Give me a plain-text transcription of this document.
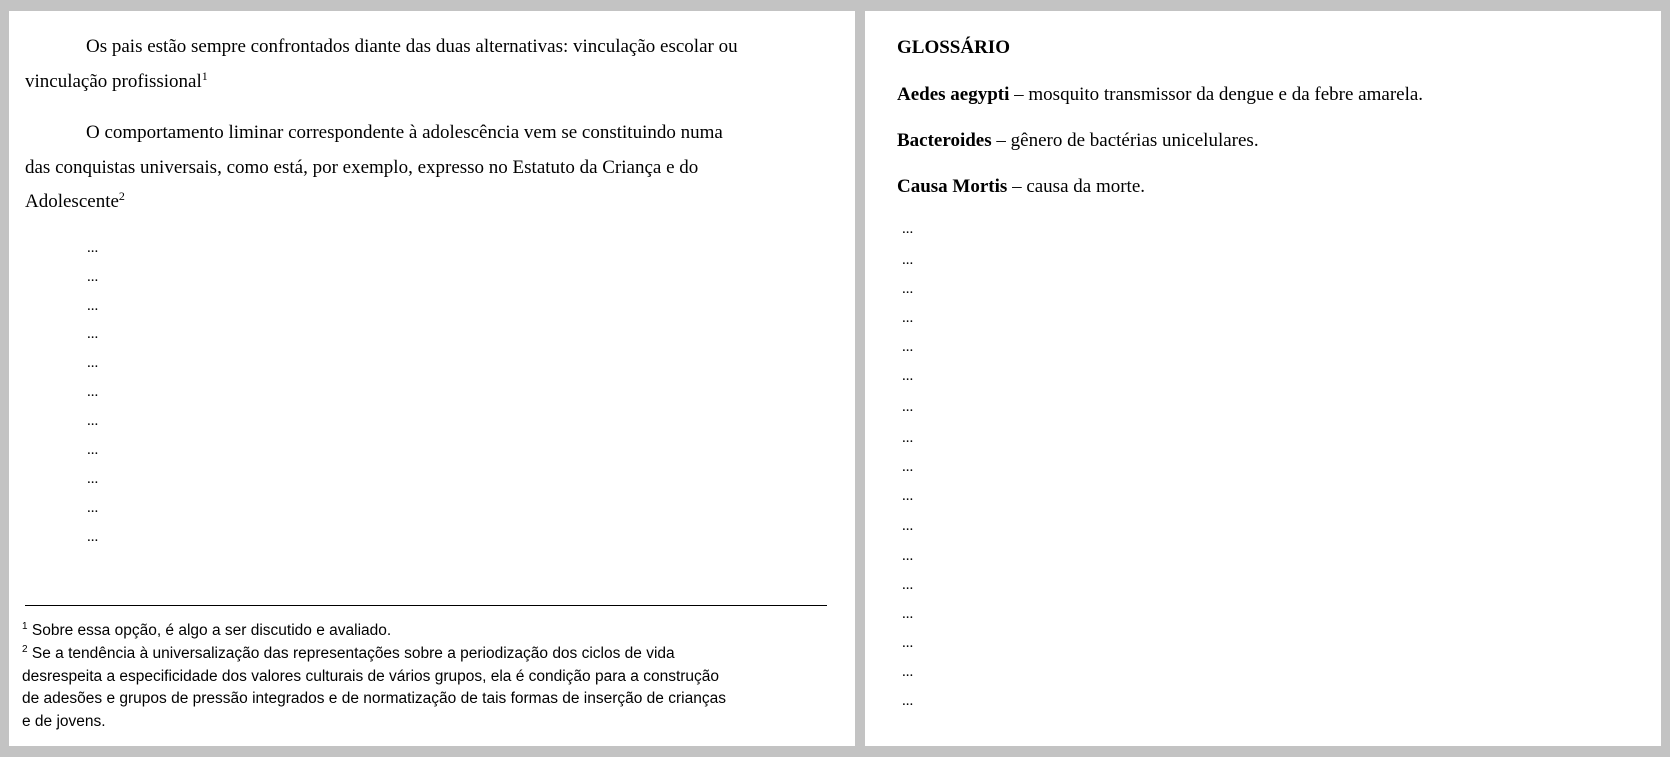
Os pais estão sempre confrontados diante das duas alternativas: vinculação escolar ou
vinculação profissional$^1$

O comportamento liminar correspondente à adolescência vem se constituindo numa
das conquistas universais, como está, por exemplo, expresso no Estatuto da Criança e do
Adolescente$^2$

...
...
...
...
...
...
...
...
...
...
...

$^1$ Sobre essa opção, é algo a ser discutido e avaliado.

$^2$ Se a tendência à universalização das representações sobre a periodização dos ciclos de vida
desrespeita a especificidade dos valores culturais de vários grupos, ela é condição para a construção
de adesões e grupos de pressão integrados e de normatização de tais formas de inserção de crianças
e de jovens.

GLOSSÁRIO

Aedes aegypti – mosquito transmissor da dengue e da febre amarela.

Bacteroides – gênero de bactérias unicelulares.

Causa Mortis – causa da morte.

...
...
...
...
...
...
...
...
...
...
...
...
...
...
...
...
...
